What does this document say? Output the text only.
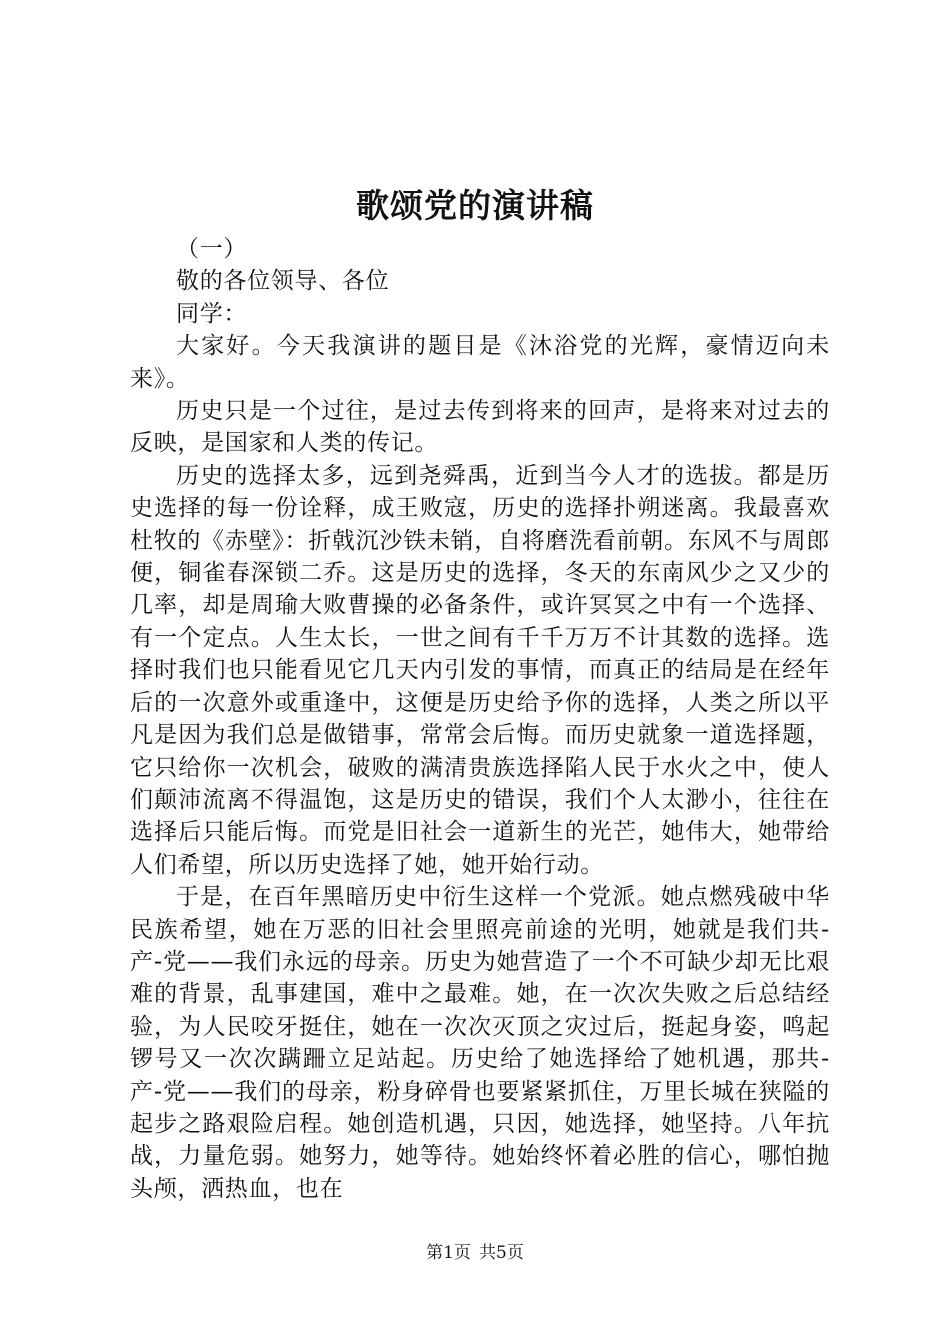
歌颂党的演讲稿

（一）

敬的各位领导、各位

同学：

大家好。今天我演讲的题目是《沐浴党的光辉，豪情迈向未来》。

历史只是一个过往，是过去传到将来的回声，是将来对过去的反映，是国家和人类的传记。

历史的选择太多，远到尧舜禹，近到当今人才的选拔。都是历史选择的每一份诠释，成王败寇，历史的选择扑朔迷离。我最喜欢杜牧的《赤壁》：折戟沉沙铁未销，自将磨洗看前朝。东风不与周郎便，铜雀春深锁二乔。这是历史的选择，冬天的东南风少之又少的几率，却是周瑜大败曹操的必备条件，或许冥冥之中有一个选择、有一个定点。人生太长，一世之间有千千万万不计其数的选择。选择时我们也只能看见它几天内引发的事情，而真正的结局是在经年后的一次意外或重逢中，这便是历史给予你的选择，人类之所以平凡是因为我们总是做错事，常常会后悔。而历史就象一道选择题，它只给你一次机会，破败的满清贵族选择陷人民于水火之中，使人们颠沛流离不得温饱，这是历史的错误，我们个人太渺小，往往在选择后只能后悔。而党是旧社会一道新生的光芒，她伟大，她带给人们希望，所以历史选择了她，她开始行动。

于是，在百年黑暗历史中衍生这样一个党派。她点燃残破中华民族希望，她在万恶的旧社会里照亮前途的光明，她就是我们共-产-党——我们永远的母亲。历史为她营造了一个不可缺少却无比艰难的背景，乱事建国，难中之最难。她，在一次次失败之后总结经验，为人民咬牙挺住，她在一次次灭顶之灾过后，挺起身姿，鸣起锣号又一次次蹒跚立足站起。历史给了她选择给了她机遇，那共-产-党——我们的母亲，粉身碎骨也要紧紧抓住，万里长城在狭隘的起步之路艰险启程。她创造机遇，只因，她选择，她坚持。八年抗战，力量危弱。她努力，她等待。她始终怀着必胜的信心，哪怕抛头颅，洒热血，也在

第1页 共5页
